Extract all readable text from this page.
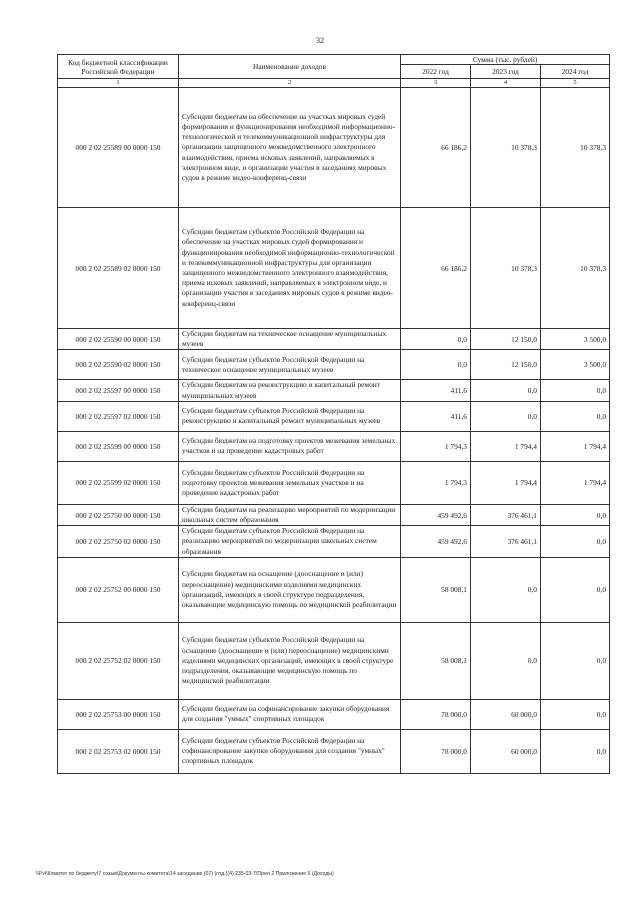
32
Код бюджетной классификации Российской Федерации	Наименование доходов	Сумма (тыс. рублей)		
		2022 год	2023 год	2024 год
1	2	3	4	5
000 2 02 25589 00 0000 150	Субсидии бюджетам на обеспечение на участках мировых судей формирования и функционирования необходимой информационно-технологической и телекоммуникационной инфраструктуры для организации защищенного межведомственного электронного взаимодействия, приема исковых заявлений, направляемых в электронном виде, и организации участия в заседаниях мировых судов в режиме видео-конференц-связи	66 186,2	10 378,3	10 378,3
000 2 02 25589 02 0000 150	Субсидии бюджетам субъектов Российской Федерации на обеспечение на участках мировых судей формирования и функционирования необходимой информационно-технологической и телекоммуникационной инфраструктуры для организации защищенного межведомственного электронного взаимодействия, приема исковых заявлений, направляемых в электронном виде, и организации участия в заседаниях мировых судов в режиме видео-конференц-связи	66 186,2	10 378,3	10 378,3
000 2 02 25590 00 0000 150	Субсидии бюджетам на техническое оснащение муниципальных музеев	0,0	12 150,0	3 500,0
000 2 02 25590 02 0000 150	Субсидии бюджетам субъектов Российской Федерации на техническое оснащение муниципальных музеев	0,0	12 150,0	3 500,0
000 2 02 25597 00 0000 150	Субсидии бюджетам на реконструкцию и капитальный ремонт муниципальных музеев	411,6	0,0	0,0
000 2 02 25597 02 0000 150	Субсидии бюджетам субъектов Российской Федерации на реконструкцию и капитальный ремонт муниципальных музеев	411,6	0,0	0,0
000 2 02 25599 00 0000 150	Субсидии бюджетам на подготовку проектов межевания земельных участков и на проведение кадастровых работ	1 794,3	1 794,4	1 794,4
000 2 02 25599 02 0000 150	Субсидии бюджетам субъектов Российской Федерации на подготовку проектов межевания земельных участков и на проведение кадастровых работ	1 794,3	1 794,4	1 794,4
000 2 02 25750 00 0000 150	Субсидии бюджетам на реализацию мероприятий по модернизации школьных систем образования	459 492,6	376 461,1	0,0
000 2 02 25750 02 0000 150	Субсидии бюджетам субъектов Российской Федерации на реализацию мероприятий по модернизации школьных систем образования	459 492,6	376 461,1	0,0
000 2 02 25752 00 0000 150	Субсидии бюджетам на оснащение (дооснащение и (или) переоснащение) медицинскими изделиями медицинских организаций, имеющих в своей структуре подразделения, оказывающие медицинскую помощь по медицинской реабилитации	58 008,1	0,0	0,0
000 2 02 25752 02 0000 150	Субсидии бюджетам субъектов Российской Федерации на оснащение (дооснащение и (или) переоснащение) медицинскими изделиями медицинских организаций, имеющих в своей структуре подразделения, оказывающие медицинскую помощь по медицинской реабилитации	58 008,1	0,0	0,0
000 2 02 25753 00 0000 150	Субсидии бюджетам на софинансирование закупки оборудования для создания "умных" спортивных площадок	78 000,0	60 000,0	0,0
000 2 02 25753 02 0000 150	Субсидии бюджетам субъектов Российской Федерации на софинансирование закупки оборудования для создания "умных" спортивных площадок	78 000,0	60 000,0	0,0
\\Pvl\Комитет по бюджету\7 созыв\Документы комитета\14 заседание (07) (отд.)(4) 235-03-7\Прил 2 Приложение 5 (Доходы)
